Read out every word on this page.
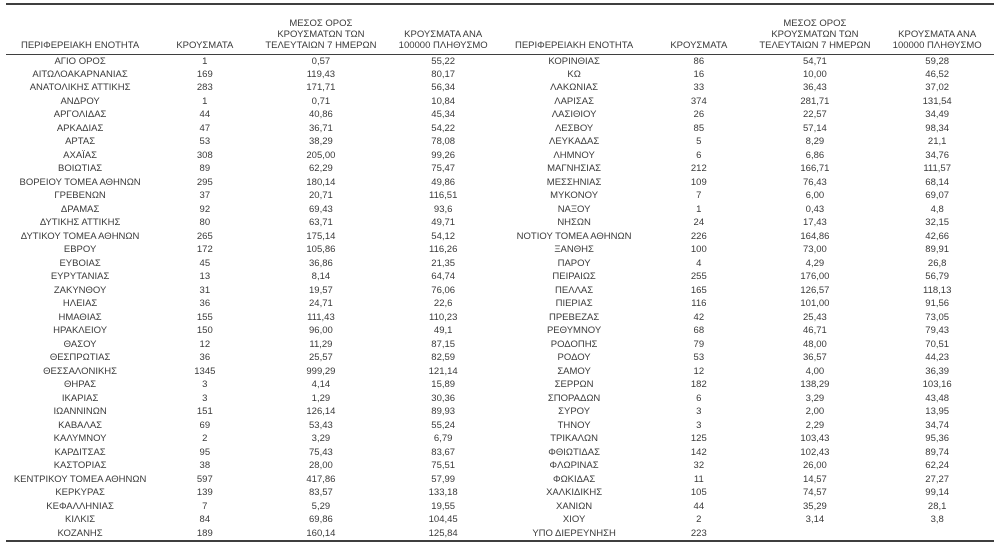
ΠΕΡΙΦΕΡΕΙΑΚΗ ΕΝΟΤΗΤΑ	ΚΡΟΥΣΜΑΤΑ	ΜΕΣΟΣ ΟΡΟΣ ΚΡΟΥΣΜΑΤΩΝ ΤΩΝ ΤΕΛΕΥΤΑΙΩΝ 7 ΗΜΕΡΩΝ	ΚΡΟΥΣΜΑΤΑ ΑΝΑ 100000 ΠΛΗΘΥΣΜΟ
ΑΓΙΟ ΟΡΟΣ	1	0,57	55,22
ΑΙΤΩΛΟΑΚΑΡΝΑΝΙΑΣ	169	119,43	80,17
ΑΝΑΤΟΛΙΚΗΣ ΑΤΤΙΚΗΣ	283	171,71	56,34
ΑΝΔΡΟΥ	1	0,71	10,84
ΑΡΓΟΛΙΔΑΣ	44	40,86	45,34
ΑΡΚΑΔΙΑΣ	47	36,71	54,22
ΑΡΤΑΣ	53	38,29	78,08
ΑΧΑΪΑΣ	308	205,00	99,26
ΒΟΙΩΤΙΑΣ	89	62,29	75,47
ΒΟΡΕΙΟΥ ΤΟΜΕΑ ΑΘΗΝΩΝ	295	180,14	49,86
ΓΡΕΒΕΝΩΝ	37	20,71	116,51
ΔΡΑΜΑΣ	92	69,43	93,6
ΔΥΤΙΚΗΣ ΑΤΤΙΚΗΣ	80	63,71	49,71
ΔΥΤΙΚΟΥ ΤΟΜΕΑ ΑΘΗΝΩΝ	265	175,14	54,12
ΕΒΡΟΥ	172	105,86	116,26
ΕΥΒΟΙΑΣ	45	36,86	21,35
ΕΥΡΥΤΑΝΙΑΣ	13	8,14	64,74
ΖΑΚΥΝΘΟΥ	31	19,57	76,06
ΗΛΕΙΑΣ	36	24,71	22,6
ΗΜΑΘΙΑΣ	155	111,43	110,23
ΗΡΑΚΛΕΙΟΥ	150	96,00	49,1
ΘΑΣΟΥ	12	11,29	87,15
ΘΕΣΠΡΩΤΙΑΣ	36	25,57	82,59
ΘΕΣΣΑΛΟΝΙΚΗΣ	1345	999,29	121,14
ΘΗΡΑΣ	3	4,14	15,89
ΙΚΑΡΙΑΣ	3	1,29	30,36
ΙΩΑΝΝΙΝΩΝ	151	126,14	89,93
ΚΑΒΑΛΑΣ	69	53,43	55,24
ΚΑΛΥΜΝΟΥ	2	3,29	6,79
ΚΑΡΔΙΤΣΑΣ	95	75,43	83,67
ΚΑΣΤΟΡΙΑΣ	38	28,00	75,51
ΚΕΝΤΡΙΚΟΥ ΤΟΜΕΑ ΑΘΗΝΩΝ	597	417,86	57,99
ΚΕΡΚΥΡΑΣ	139	83,57	133,18
ΚΕΦΑΛΛΗΝΙΑΣ	7	5,29	19,55
ΚΙΛΚΙΣ	84	69,86	104,45
ΚΟΖΑΝΗΣ	189	160,14	125,84
ΠΕΡΙΦΕΡΕΙΑΚΗ ΕΝΟΤΗΤΑ	ΚΡΟΥΣΜΑΤΑ	ΜΕΣΟΣ ΟΡΟΣ ΚΡΟΥΣΜΑΤΩΝ ΤΩΝ ΤΕΛΕΥΤΑΙΩΝ 7 ΗΜΕΡΩΝ	ΚΡΟΥΣΜΑΤΑ ΑΝΑ 100000 ΠΛΗΘΥΣΜΟ
ΚΟΡΙΝΘΙΑΣ	86	54,71	59,28
ΚΩ	16	10,00	46,52
ΛΑΚΩΝΙΑΣ	33	36,43	37,02
ΛΑΡΙΣΑΣ	374	281,71	131,54
ΛΑΣΙΘΙΟΥ	26	22,57	34,49
ΛΕΣΒΟΥ	85	57,14	98,34
ΛΕΥΚΑΔΑΣ	5	8,29	21,1
ΛΗΜΝΟΥ	6	6,86	34,76
ΜΑΓΝΗΣΙΑΣ	212	166,71	111,57
ΜΕΣΣΗΝΙΑΣ	109	76,43	68,14
ΜΥΚΟΝΟΥ	7	6,00	69,07
ΝΑΞΟΥ	1	0,43	4,8
ΝΗΣΩΝ	24	17,43	32,15
ΝΟΤΙΟΥ ΤΟΜΕΑ ΑΘΗΝΩΝ	226	164,86	42,66
ΞΑΝΘΗΣ	100	73,00	89,91
ΠΑΡΟΥ	4	4,29	26,8
ΠΕΙΡΑΙΩΣ	255	176,00	56,79
ΠΕΛΛΑΣ	165	126,57	118,13
ΠΙΕΡΙΑΣ	116	101,00	91,56
ΠΡΕΒΕΖΑΣ	42	25,43	73,05
ΡΕΘΥΜΝΟΥ	68	46,71	79,43
ΡΟΔΟΠΗΣ	79	48,00	70,51
ΡΟΔΟΥ	53	36,57	44,23
ΣΑΜΟΥ	12	4,00	36,39
ΣΕΡΡΩΝ	182	138,29	103,16
ΣΠΟΡΑΔΩΝ	6	3,29	43,48
ΣΥΡΟΥ	3	2,00	13,95
ΤΗΝΟΥ	3	2,29	34,74
ΤΡΙΚΑΛΩΝ	125	103,43	95,36
ΦΘΙΩΤΙΔΑΣ	142	102,43	89,74
ΦΛΩΡΙΝΑΣ	32	26,00	62,24
ΦΩΚΙΔΑΣ	11	14,57	27,27
ΧΑΛΚΙΔΙΚΗΣ	105	74,57	99,14
ΧΑΝΙΩΝ	44	35,29	28,1
ΧΙΟΥ	2	3,14	3,8
ΥΠΟ ΔΙΕΡΕΥΝΗΣΗ	223		
